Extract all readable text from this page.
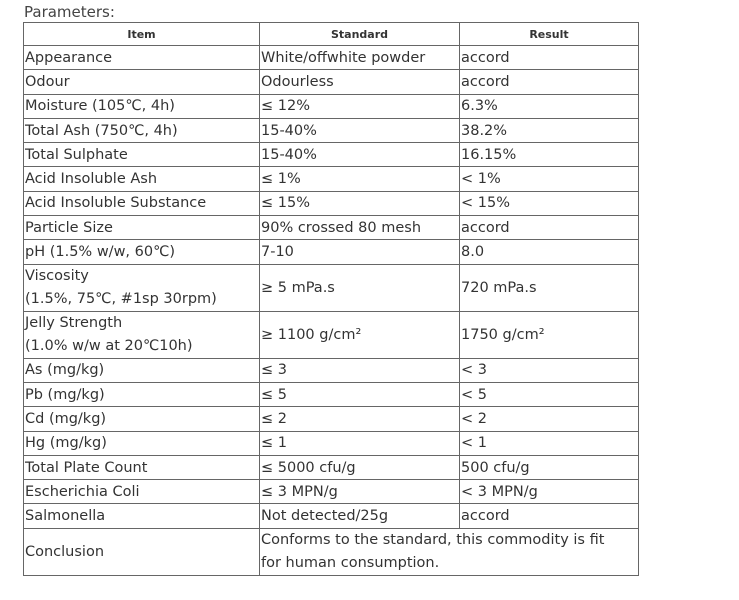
Parameters:
Item	Standard	Result
Appearance	White/offwhite powder	accord
Odour	Odourless	accord
Moisture (105℃, 4h)	≤ 12%	6.3%
Total Ash (750℃, 4h)	15-40%	38.2%
Total Sulphate	15-40%	16.15%
Acid Insoluble Ash	≤ 1%	< 1%
Acid Insoluble Substance	≤ 15%	< 15%
Particle Size	90% crossed 80 mesh	accord
pH (1.5% w/w, 60℃)	7-10	8.0

Viscosity
(1.5%, 75℃, #1sp 30rpm)	≥ 5 mPa.s	720 mPa.s

Jelly Strength
(1.0% w/w at 20℃10h)	≥ 1100 g/cm²	1750 g/cm²
As (mg/kg)	≤ 3	< 3
Pb (mg/kg)	≤ 5	< 5
Cd (mg/kg)	≤ 2	< 2
Hg (mg/kg)	≤ 1	< 1
Total Plate Count	≤ 5000 cfu/g	500 cfu/g
Escherichia Coli	≤ 3 MPN/g	< 3 MPN/g
Salmonella	Not detected/25g	accord
Conclusion	Conforms to the standard, this commodity is fit
for human consumption.	
